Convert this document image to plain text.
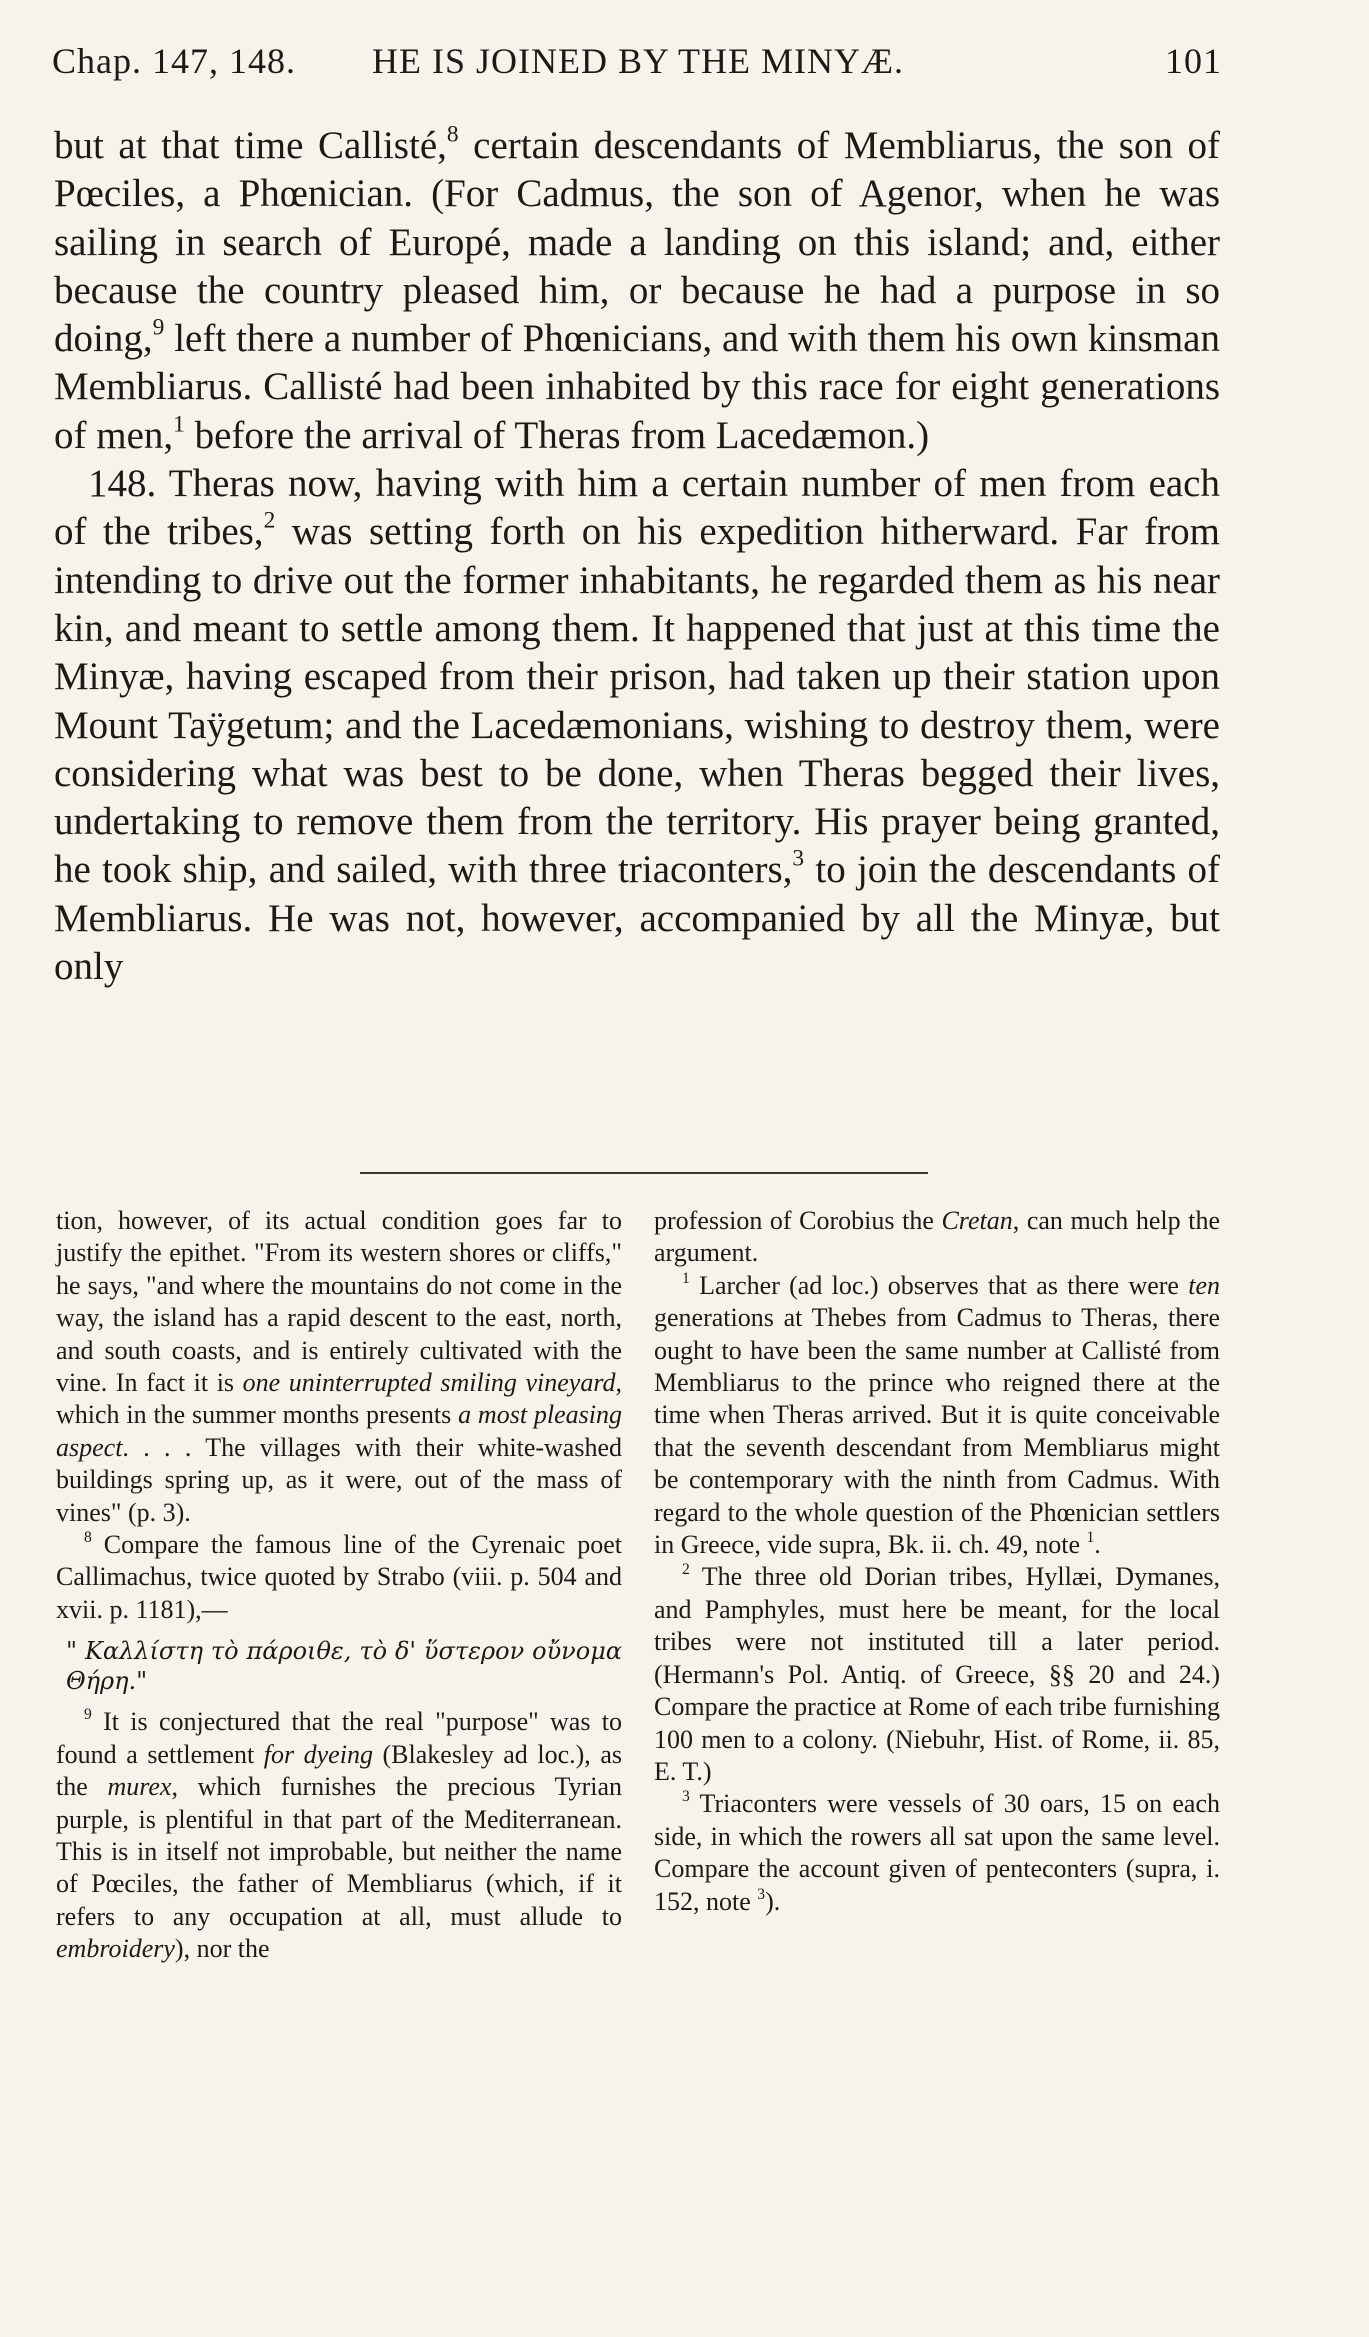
Chap. 147, 148. HE IS JOINED BY THE MINYÆ.	101

but at that time Callisté,$^8$ certain descendants of Membliarus, the son of Pœciles, a Phœnician. (For Cadmus, the son of Agenor, when he was sailing in search of Europé, made a landing on this island; and, either because the country pleased him, or because he had a purpose in so doing,$^9$ left there a number of Phœnicians, and with them his own kinsman Membliarus. Callisté had been inhabited by this race for eight generations of men,$^1$ before the arrival of Theras from Lacedæmon.)

148. Theras now, having with him a certain number of men from each of the tribes,$^2$ was setting forth on his expedition hitherward. Far from intending to drive out the former inhabitants, he regarded them as his near kin, and meant to settle among them. It happened that just at this time the Minyæ, having escaped from their prison, had taken up their station upon Mount Taÿgetum; and the Lacedæmonians, wishing to destroy them, were considering what was best to be done, when Theras begged their lives, undertaking to remove them from the territory. His prayer being granted, he took ship, and sailed, with three triaconters,$^3$ to join the descendants of Membliarus. He was not, however, accompanied by all the Minyæ, but only

tion, however, of its actual condition goes far to justify the epithet. "From its western shores or cliffs," he says, "and where the mountains do not come in the way, the island has a rapid descent to the east, north, and south coasts, and is entirely cultivated with the vine. In fact it is one uninterrupted smiling vineyard, which in the summer months presents a most pleasing aspect. . . . The villages with their white-washed buildings spring up, as it were, out of the mass of vines" (p. 3).

$^8$ Compare the famous line of the Cyrenaic poet Callimachus, twice quoted by Strabo (viii. p. 504 and xvii. p. 1181),—

" Καλλίστη τὸ πάροιθε, τὸ δ' ὕστερον οὔνομα Θήρη."

$^9$ It is conjectured that the real "purpose" was to found a settlement for dyeing (Blakesley ad loc.), as the murex, which furnishes the precious Tyrian purple, is plentiful in that part of the Mediterranean. This is in itself not improbable, but neither the name of Pœciles, the father of Membliarus (which, if it refers to any occupation at all, must allude to embroidery), nor the

profession of Corobius the Cretan, can much help the argument.

$^1$ Larcher (ad loc.) observes that as there were ten generations at Thebes from Cadmus to Theras, there ought to have been the same number at Callisté from Membliarus to the prince who reigned there at the time when Theras arrived. But it is quite conceivable that the seventh descendant from Membliarus might be contemporary with the ninth from Cadmus. With regard to the whole question of the Phœnician settlers in Greece, vide supra, Bk. ii. ch. 49, note $^1$.

$^2$ The three old Dorian tribes, Hyllæi, Dymanes, and Pamphyles, must here be meant, for the local tribes were not instituted till a later period. (Hermann's Pol. Antiq. of Greece, §§ 20 and 24.) Compare the practice at Rome of each tribe furnishing 100 men to a colony. (Niebuhr, Hist. of Rome, ii. 85, E. T.)

$^3$ Triaconters were vessels of 30 oars, 15 on each side, in which the rowers all sat upon the same level. Compare the account given of penteconters (supra, i. 152, note $^3$).
